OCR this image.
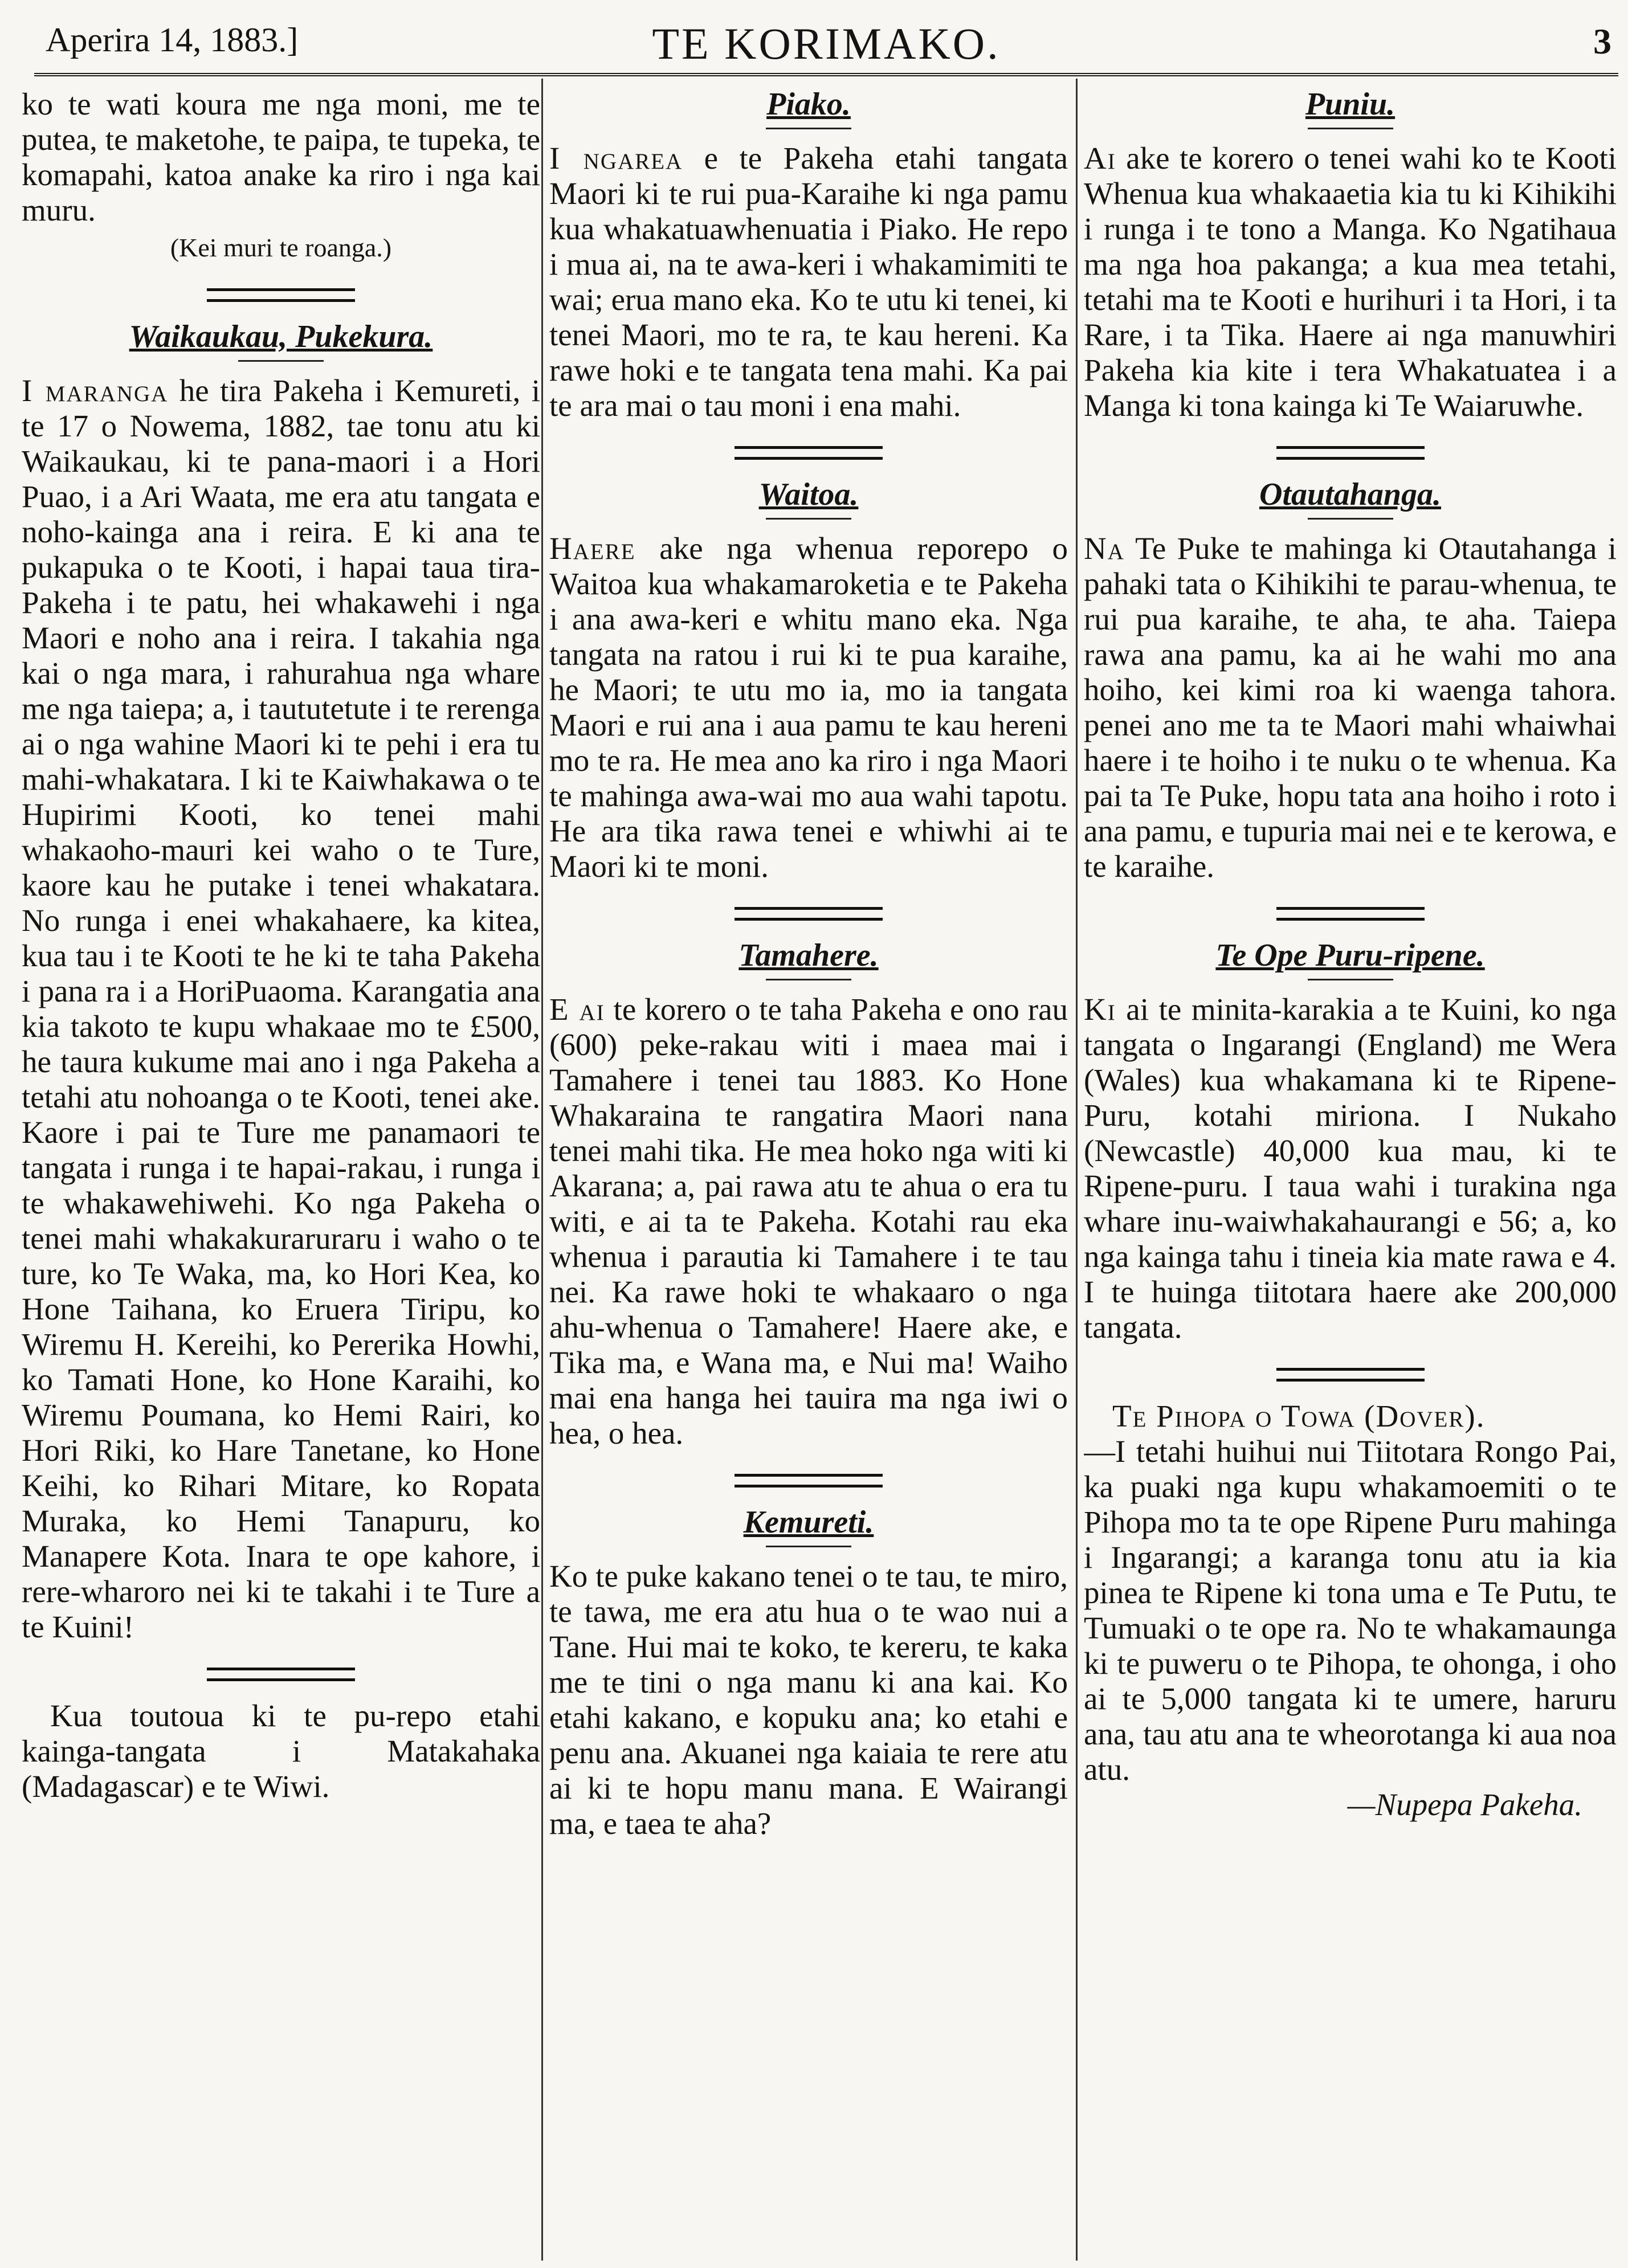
Aperira 14, 1883.]	TE KORIMAKO.	3

ko te wati koura me nga moni, me te putea, te maketohe, te paipa, te tupeka, te komapahi, katoa anake ka riro i nga kai muru.

(Kei muri te roanga.)

Waikaukau, Pukekura.

I maranga he tira Pakeha i Kemureti, i te 17 o Nowema, 1882, tae tonu atu ki Waikaukau, ki te pana-maori i a Hori Puao, i a Ari Waata, me era atu tangata e noho-kainga ana i reira. E ki ana te pukapuka o te Kooti, i hapai taua tira-Pakeha i te patu, hei whakawehi i nga Maori e noho ana i reira. I takahia nga kai o nga mara, i rahurahua nga whare me nga taiepa; a, i taututetute i te rerenga ai o nga wahine Maori ki te pehi i era tu mahi-whakatara. I ki te Kaiwhakawa o te Hupirimi Kooti, ko tenei mahi whakaoho-mauri kei waho o te Ture, kaore kau he putake i tenei whakatara. No runga i enei whakahaere, ka kitea, kua tau i te Kooti te he ki te taha Pakeha i pana ra i a HoriPuaoma. Karangatia ana kia takoto te kupu whakaae mo te £500, he taura kukume mai ano i nga Pakeha a tetahi atu nohoanga o te Kooti, tenei ake. Kaore i pai te Ture me panamaori te tangata i runga i te hapai-rakau, i runga i te whakawehiwehi. Ko nga Pakeha o tenei mahi whakakuraruraru i waho o te ture, ko Te Waka, ma, ko Hori Kea, ko Hone Taihana, ko Eruera Tiripu, ko Wiremu H. Kereihi, ko Pererika Howhi, ko Tamati Hone, ko Hone Karaihi, ko Wiremu Poumana, ko Hemi Rairi, ko Hori Riki, ko Hare Tanetane, ko Hone Keihi, ko Rihari Mitare, ko Ropata Muraka, ko Hemi Tanapuru, ko Manapere Kota. Inara te ope kahore, i rere-wharoro nei ki te takahi i te Ture a te Kuini!

Kua toutoua ki te pu-repo etahi kainga-tangata i Matakahaka (Madagascar) e te Wiwi.

Piako.

I ngarea e te Pakeha etahi tangata Maori ki te rui pua-Karaihe ki nga pamu kua whakatuawhenuatia i Piako. He repo i mua ai, na te awa-keri i whakamimiti te wai; erua mano eka. Ko te utu ki tenei, ki tenei Maori, mo te ra, te kau hereni. Ka rawe hoki e te tangata tena mahi. Ka pai te ara mai o tau moni i ena mahi.

Waitoa.

Haere ake nga whenua reporepo o Waitoa kua whakamaroketia e te Pakeha i ana awa-keri e whitu mano eka. Nga tangata na ratou i rui ki te pua karaihe, he Maori; te utu mo ia, mo ia tangata Maori e rui ana i aua pamu te kau hereni mo te ra. He mea ano ka riro i nga Maori te mahinga awa-wai mo aua wahi tapotu. He ara tika rawa tenei e whiwhi ai te Maori ki te moni.

Tamahere.

E ai te korero o te taha Pakeha e ono rau (600) peke-rakau witi i maea mai i Tamahere i tenei tau 1883. Ko Hone Whakaraina te rangatira Maori nana tenei mahi tika. He mea hoko nga witi ki Akarana; a, pai rawa atu te ahua o era tu witi, e ai ta te Pakeha. Kotahi rau eka whenua i parautia ki Tamahere i te tau nei. Ka rawe hoki te whakaaro o nga ahu-whenua o Tamahere! Haere ake, e Tika ma, e Wana ma, e Nui ma! Waiho mai ena hanga hei tauira ma nga iwi o hea, o hea.

Kemureti.

Ko te puke kakano tenei o te tau, te miro, te tawa, me era atu hua o te wao nui a Tane. Hui mai te koko, te kereru, te kaka me te tini o nga manu ki ana kai. Ko etahi kakano, e kopuku ana; ko etahi e penu ana. Akuanei nga kaiaia te rere atu ai ki te hopu manu mana. E Wairangi ma, e taea te aha?

Puniu.

Ai ake te korero o tenei wahi ko te Kooti Whenua kua whakaaetia kia tu ki Kihikihi i runga i te tono a Manga. Ko Ngatihaua ma nga hoa pakanga; a kua mea tetahi, tetahi ma te Kooti e hurihuri i ta Hori, i ta Rare, i ta Tika. Haere ai nga manuwhiri Pakeha kia kite i tera Whakatuatea i a Manga ki tona kainga ki Te Waiaruwhe.

Otautahanga.

Na Te Puke te mahinga ki Otautahanga i pahaki tata o Kihikihi te parau-whenua, te rui pua karaihe, te aha, te aha. Taiepa rawa ana pamu, ka ai he wahi mo ana hoiho, kei kimi roa ki waenga tahora. penei ano me ta te Maori mahi whaiwhai haere i te hoiho i te nuku o te whenua. Ka pai ta Te Puke, hopu tata ana hoiho i roto i ana pamu, e tupuria mai nei e te kerowa, e te karaihe.

Te Ope Puru-ripene.

Ki ai te minita-karakia a te Kuini, ko nga tangata o Ingarangi (England) me Wera (Wales) kua whakamana ki te Ripene-Puru, kotahi miriona. I Nukaho (Newcastle) 40,000 kua mau, ki te Ripene-puru. I taua wahi i turakina nga whare inu-waiwhakahaurangi e 56; a, ko nga kainga tahu i tineia kia mate rawa e 4. I te huinga tiitotara haere ake 200,000 tangata.

Te Pihopa o Towa (Dover).

—I tetahi huihui nui Tiitotara Rongo Pai, ka puaki nga kupu whakamoemiti o te Pihopa mo ta te ope Ripene Puru mahinga i Ingarangi; a karanga tonu atu ia kia pinea te Ripene ki tona uma e Te Putu, te Tumuaki o te ope ra. No te whakamaunga ki te puweru o te Pihopa, te ohonga, i oho ai te 5,000 tangata ki te umere, haruru ana, tau atu ana te wheorotanga ki aua noa atu.

—Nupepa Pakeha.
